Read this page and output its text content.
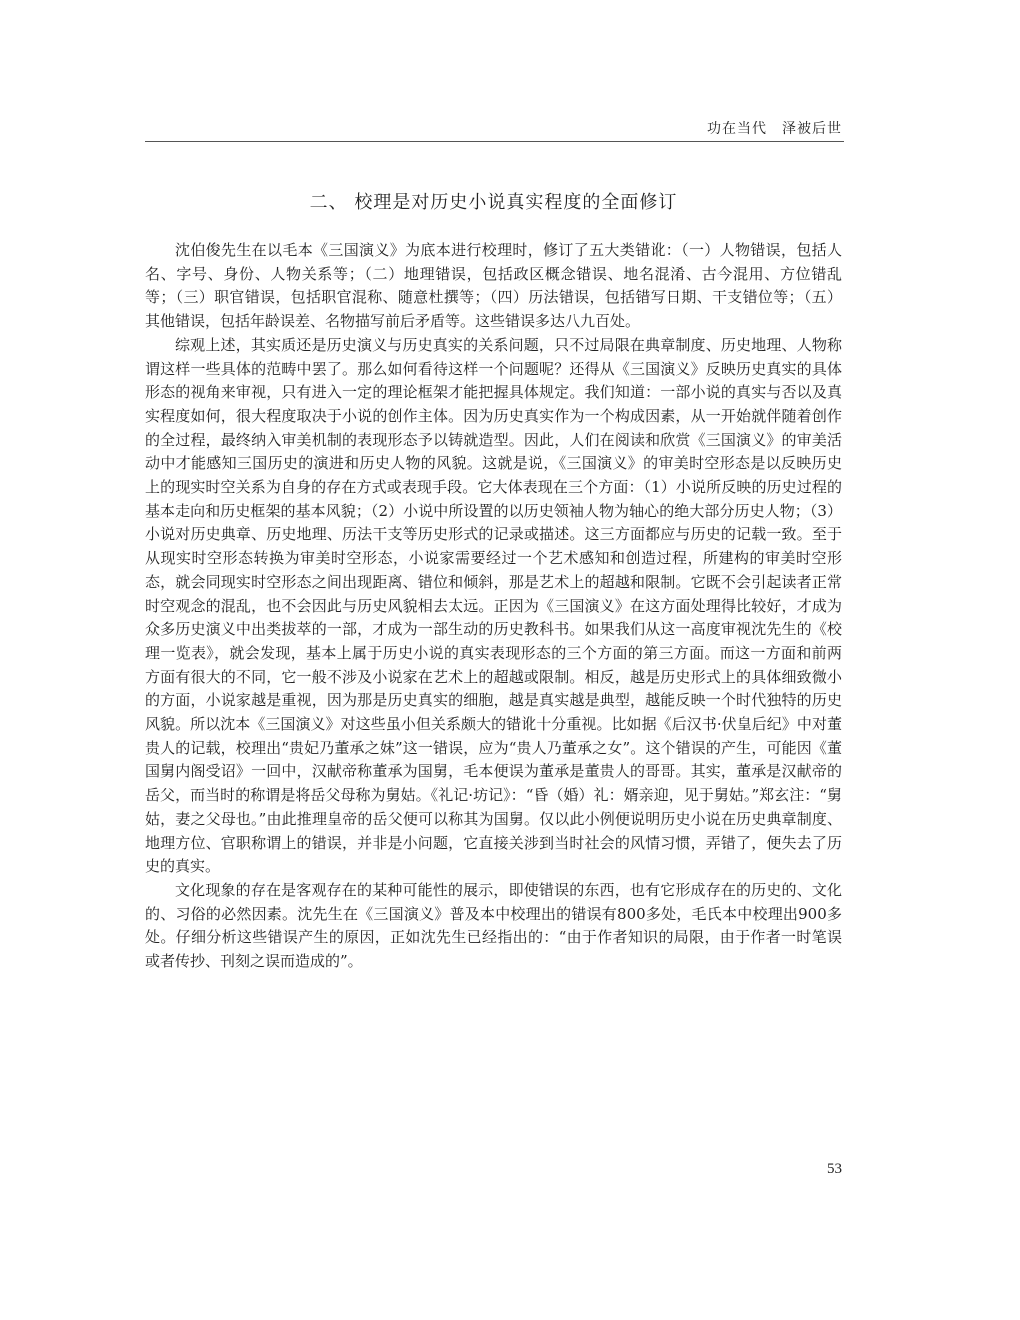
功在当代　泽被后世
二、 校理是对历史小说真实程度的全面修订

沈伯俊先生在以毛本《三国演义》为底本进行校理时，修订了五大类错讹：（一）人物错误，包括人名、字号、身份、人物关系等；（二）地理错误，包括政区概念错误、地名混淆、古今混用、方位错乱等；（三）职官错误，包括职官混称、随意杜撰等；（四）历法错误，包括错写日期、干支错位等；（五）其他错误，包括年龄误差、名物描写前后矛盾等。这些错误多达八九百处。

综观上述，其实质还是历史演义与历史真实的关系问题，只不过局限在典章制度、历史地理、人物称谓这样一些具体的范畴中罢了。那么如何看待这样一个问题呢？还得从《三国演义》反映历史真实的具体形态的视角来审视，只有进入一定的理论框架才能把握具体规定。我们知道：一部小说的真实与否以及真实程度如何，很大程度取决于小说的创作主体。因为历史真实作为一个构成因素，从一开始就伴随着创作的全过程，最终纳入审美机制的表现形态予以铸就造型。因此，人们在阅读和欣赏《三国演义》的审美活动中才能感知三国历史的演进和历史人物的风貌。这就是说，《三国演义》的审美时空形态是以反映历史上的现实时空关系为自身的存在方式或表现手段。它大体表现在三个方面：（1）小说所反映的历史过程的基本走向和历史框架的基本风貌；（2）小说中所设置的以历史领袖人物为轴心的绝大部分历史人物；（3）小说对历史典章、历史地理、历法干支等历史形式的记录或描述。这三方面都应与历史的记载一致。至于从现实时空形态转换为审美时空形态，小说家需要经过一个艺术感知和创造过程，所建构的审美时空形态，就会同现实时空形态之间出现距离、错位和倾斜，那是艺术上的超越和限制。它既不会引起读者正常时空观念的混乱，也不会因此与历史风貌相去太远。正因为《三国演义》在这方面处理得比较好，才成为众多历史演义中出类拔萃的一部，才成为一部生动的历史教科书。如果我们从这一高度审视沈先生的《校理一览表》，就会发现，基本上属于历史小说的真实表现形态的三个方面的第三方面。而这一方面和前两方面有很大的不同，它一般不涉及小说家在艺术上的超越或限制。相反，越是历史形式上的具体细致微小的方面，小说家越是重视，因为那是历史真实的细胞，越是真实越是典型，越能反映一个时代独特的历史风貌。所以沈本《三国演义》对这些虽小但关系颇大的错讹十分重视。比如据《后汉书·伏皇后纪》中对董贵人的记载，校理出“贵妃乃董承之妹”这一错误，应为“贵人乃董承之女”。这个错误的产生，可能因《董国舅内阁受诏》一回中，汉献帝称董承为国舅，毛本便误为董承是董贵人的哥哥。其实，董承是汉献帝的岳父，而当时的称谓是将岳父母称为舅姑。《礼记·坊记》：“昏（婚）礼：婿亲迎，见于舅姑。”郑玄注：“舅姑，妻之父母也。”由此推理皇帝的岳父便可以称其为国舅。仅以此小例便说明历史小说在历史典章制度、地理方位、官职称谓上的错误，并非是小问题，它直接关涉到当时社会的风情习惯，弄错了，便失去了历史的真实。

文化现象的存在是客观存在的某种可能性的展示，即使错误的东西，也有它形成存在的历史的、文化的、习俗的必然因素。沈先生在《三国演义》普及本中校理出的错误有800多处，毛氏本中校理出900多处。仔细分析这些错误产生的原因，正如沈先生已经指出的：“由于作者知识的局限，由于作者一时笔误或者传抄、刊刻之误而造成的”。

53
